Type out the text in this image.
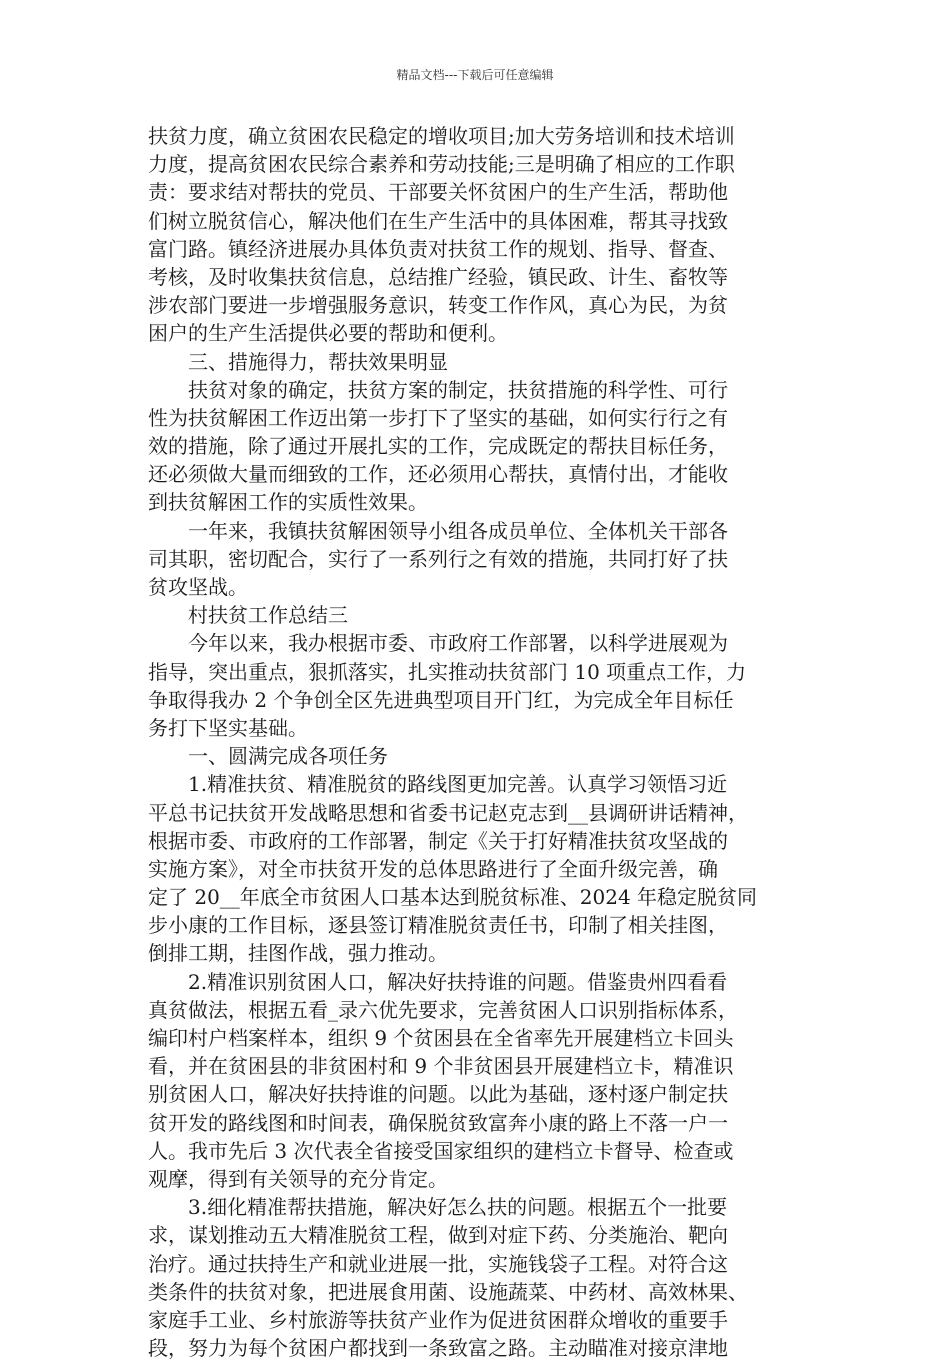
精品文档---下载后可任意编辑
扶贫力度，确立贫困农民稳定的增收项目;加大劳务培训和技术培训
力度，提高贫困农民综合素养和劳动技能;三是明确了相应的工作职
责：要求结对帮扶的党员、干部要关怀贫困户的生产生活，帮助他
们树立脱贫信心，解决他们在生产生活中的具体困难，帮其寻找致
富门路。镇经济进展办具体负责对扶贫工作的规划、指导、督查、
考核，及时收集扶贫信息，总结推广经验，镇民政、计生、畜牧等
涉农部门要进一步增强服务意识，转变工作作风，真心为民，为贫
困户的生产生活提供必要的帮助和便利。
三、措施得力，帮扶效果明显
扶贫对象的确定，扶贫方案的制定，扶贫措施的科学性、可行
性为扶贫解困工作迈出第一步打下了坚实的基础，如何实行行之有
效的措施，除了通过开展扎实的工作，完成既定的帮扶目标任务，
还必须做大量而细致的工作，还必须用心帮扶，真情付出，才能收
到扶贫解困工作的实质性效果。
一年来，我镇扶贫解困领导小组各成员单位、全体机关干部各
司其职，密切配合，实行了一系列行之有效的措施，共同打好了扶
贫攻坚战。
村扶贫工作总结三
今年以来，我办根据市委、市政府工作部署，以科学进展观为
指导，突出重点，狠抓落实，扎实推动扶贫部门 10 项重点工作，力
争取得我办 2 个争创全区先进典型项目开门红，为完成全年目标任
务打下坚实基础。
一、圆满完成各项任务
1.精准扶贫、精准脱贫的路线图更加完善。认真学习领悟习近
平总书记扶贫开发战略思想和省委书记赵克志到__县调研讲话精神，
根据市委、市政府的工作部署，制定《关于打好精准扶贫攻坚战的
实施方案》，对全市扶贫开发的总体思路进行了全面升级完善，确
定了 20__年底全市贫困人口基本达到脱贫标准、2024 年稳定脱贫同
步小康的工作目标，逐县签订精准脱贫责任书，印制了相关挂图，
倒排工期，挂图作战，强力推动。
2.精准识别贫困人口，解决好扶持谁的问题。借鉴贵州四看看
真贫做法，根据五看_录六优先要求，完善贫困人口识别指标体系，
编印村户档案样本，组织 9 个贫困县在全省率先开展建档立卡回头
看，并在贫困县的非贫困村和 9 个非贫困县开展建档立卡，精准识
别贫困人口，解决好扶持谁的问题。以此为基础，逐村逐户制定扶
贫开发的路线图和时间表，确保脱贫致富奔小康的路上不落一户一
人。我市先后 3 次代表全省接受国家组织的建档立卡督导、检查或
观摩，得到有关领导的充分肯定。
3.细化精准帮扶措施，解决好怎么扶的问题。根据五个一批要
求，谋划推动五大精准脱贫工程，做到对症下药、分类施治、靶向
治疗。通过扶持生产和就业进展一批，实施钱袋子工程。对符合这
类条件的扶贫对象，把进展食用菌、设施蔬菜、中药材、高效林果、
家庭手工业、乡村旅游等扶贫产业作为促进贫困群众增收的重要手
段，努力为每个贫困户都找到一条致富之路。主动瞄准对接京津地
